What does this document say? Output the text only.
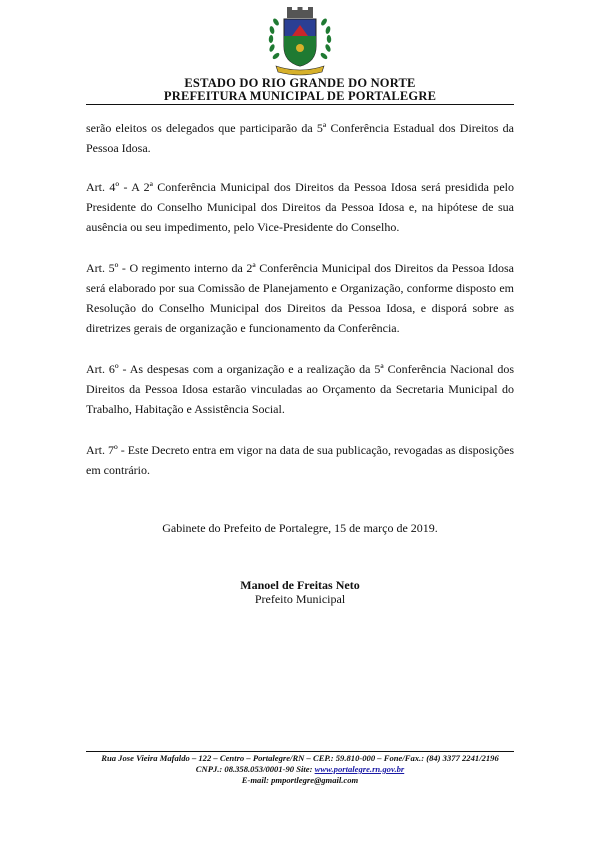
ESTADO DO RIO GRANDE DO NORTE
PREFEITURA MUNICIPAL DE PORTALEGRE

serão eleitos os delegados que participarão da 5ª Conferência Estadual dos Direitos da Pessoa Idosa.

Art. 4º - A 2ª Conferência Municipal dos Direitos da Pessoa Idosa será presidida pelo Presidente do Conselho Municipal dos Direitos da Pessoa Idosa e, na hipótese de sua ausência ou seu impedimento, pelo Vice-Presidente do Conselho.

Art. 5º - O regimento interno da 2ª Conferência Municipal dos Direitos da Pessoa Idosa será elaborado por sua Comissão de Planejamento e Organização, conforme disposto em Resolução do Conselho Municipal dos Direitos da Pessoa Idosa, e disporá sobre as diretrizes gerais de organização e funcionamento da Conferência.

Art. 6º - As despesas com a organização e a realização da 5ª Conferência Nacional dos Direitos da Pessoa Idosa estarão vinculadas ao Orçamento da Secretaria Municipal do Trabalho, Habitação e Assistência Social.

Art. 7º - Este Decreto entra em vigor na data de sua publicação, revogadas as disposições em contrário.

Gabinete do Prefeito de Portalegre, 15 de março de 2019.
Manoel de Freitas Neto
Prefeito Municipal
Rua Jose Vieira Mafaldo – 122 – Centro – Portalegre/RN – CEP.: 59.810-000 – Fone/Fax.: (84) 3377 2241/2196
CNPJ.: 08.358.053/0001-90 Site: www.portalegre.rn.gov.br
E-mail: pmportlegre@gmail.com
